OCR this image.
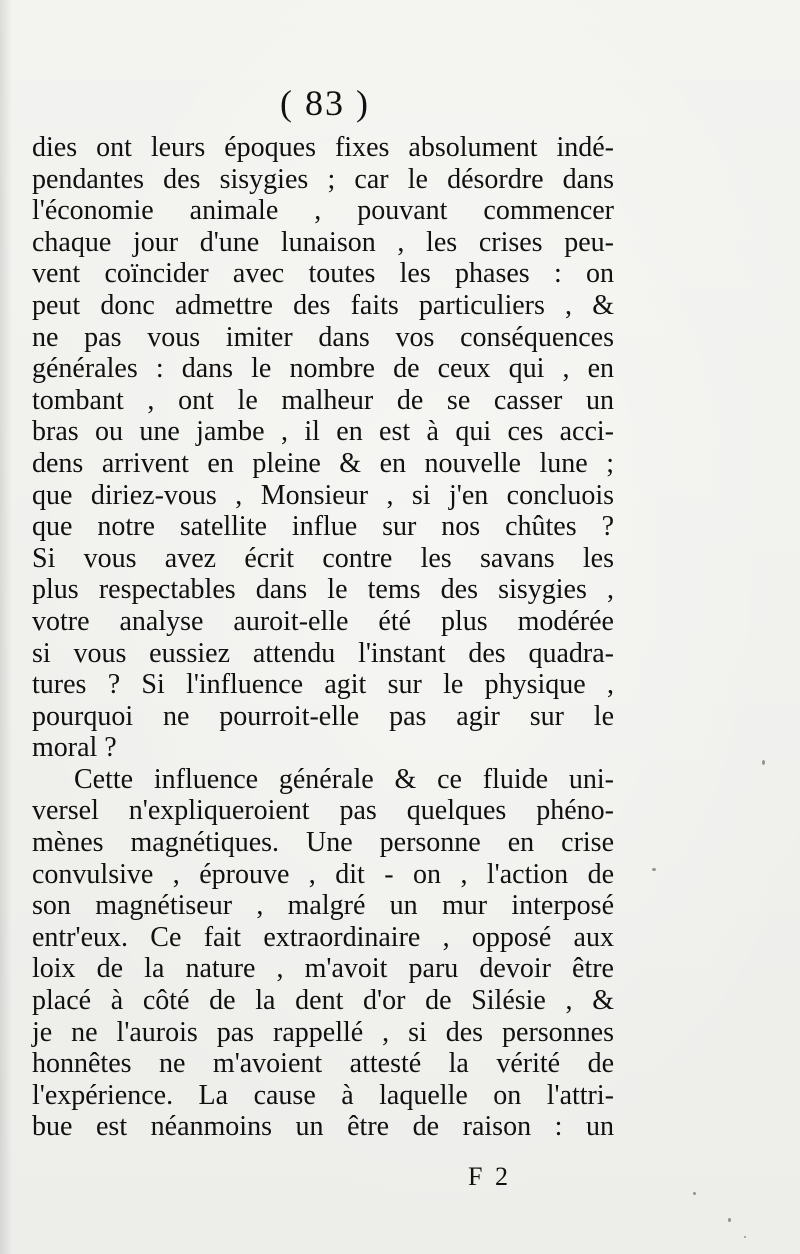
( 83 )
dies ont leurs époques fixes absolument indé-
pendantes des sisygies ; car le désordre dans
l'économie animale , pouvant commencer
chaque jour d'une lunaison , les crises peu-
vent coïncider avec toutes les phases : on
peut donc admettre des faits particuliers , &
ne pas vous imiter dans vos conséquences
générales : dans le nombre de ceux qui , en
tombant , ont le malheur de se casser un
bras ou une jambe , il en est à qui ces acci-
dens arrivent en pleine & en nouvelle lune ;
que diriez-vous , Monsieur , si j'en concluois
que notre satellite influe sur nos chûtes ?
Si vous avez écrit contre les savans les
plus respectables dans le tems des sisygies ,
votre analyse auroit-elle été plus modérée
si vous eussiez attendu l'instant des quadra-
tures ? Si l'influence agit sur le physique ,
pourquoi ne pourroit-elle pas agir sur le
moral ?
Cette influence générale & ce fluide uni-
versel n'expliqueroient pas quelques phéno-
mènes magnétiques. Une personne en crise
convulsive , éprouve , dit - on , l'action de
son magnétiseur , malgré un mur interposé
entr'eux. Ce fait extraordinaire , opposé aux
loix de la nature , m'avoit paru devoir être
placé à côté de la dent d'or de Silésie , &
je ne l'aurois pas rappellé , si des personnes
honnêtes ne m'avoient attesté la vérité de
l'expérience. La cause à laquelle on l'attri-
bue est néanmoins un être de raison : un
F 2
